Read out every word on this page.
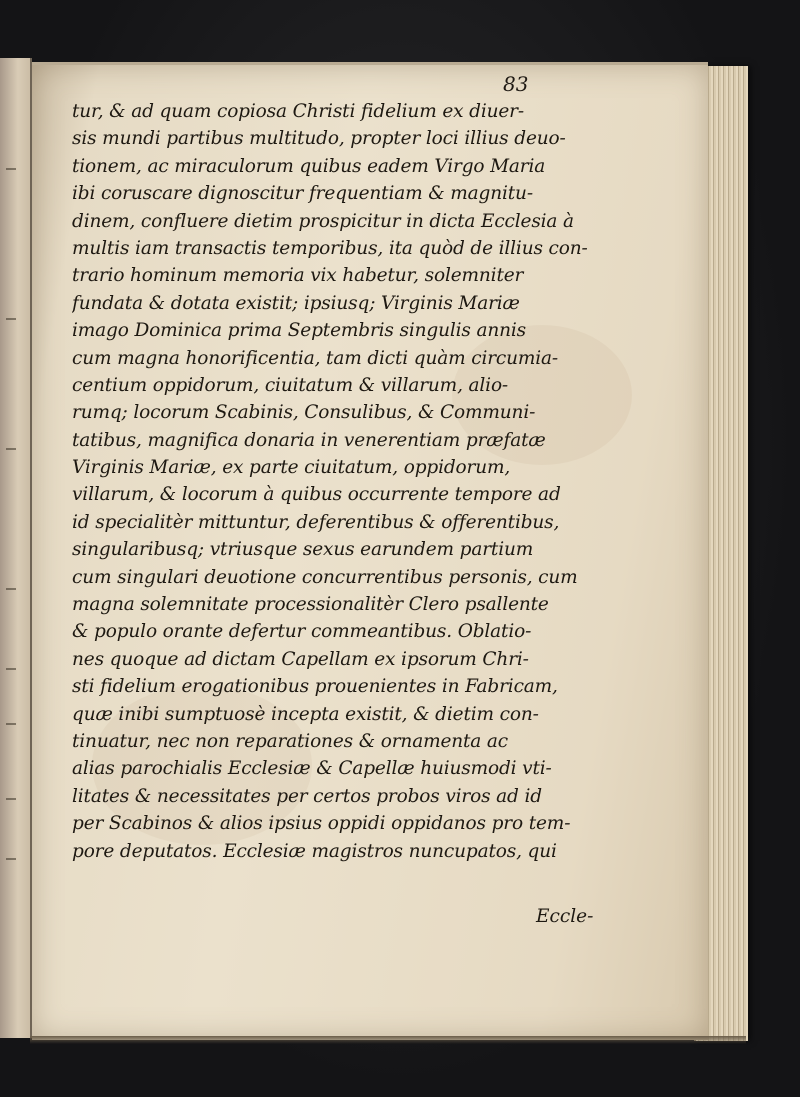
83

tur, & ad quam copiosa Christi fidelium ex diuer-
sis mundi partibus multitudo, propter loci illius deuo-
tionem, ac miraculorum quibus eadem Virgo Maria
ibi coruscare dignoscitur frequentiam & magnitu-
dinem, confluere dietim prospicitur in dicta Ecclesia à
multis iam transactis temporibus, ita quòd de illius con-
trario hominum memoria vix habetur, solemniter
fundata & dotata existit; ipsiusq; Virginis Mariæ
imago Dominica prima Septembris singulis annis
cum magna honorificentia, tam dicti quàm circumia-
centium oppidorum, ciuitatum & villarum, alio-
rumq; locorum Scabinis, Consulibus, & Communi-
tatibus, magnifica donaria in venerentiam præfatæ
Virginis Mariæ, ex parte ciuitatum, oppidorum,
villarum, & locorum à quibus occurrente tempore ad
id specialitèr mittuntur, deferentibus & offerentibus,
singularibusq; vtriusque sexus earundem partium
cum singulari deuotione concurrentibus personis, cum
magna solemnitate processionalitèr Clero psallente
& populo orante defertur commeantibus. Oblatio-
nes quoque ad dictam Capellam ex ipsorum Chri-
sti fidelium erogationibus prouenientes in Fabricam,
quæ inibi sumptuosè incepta existit, & dietim con-
tinuatur, nec non reparationes & ornamenta ac
alias parochialis Ecclesiæ & Capellæ huiusmodi vti-
litates & necessitates per certos probos viros ad id
per Scabinos & alios ipsius oppidi oppidanos pro tem-
pore deputatos. Ecclesiæ magistros nuncupatos, qui

Eccle-
